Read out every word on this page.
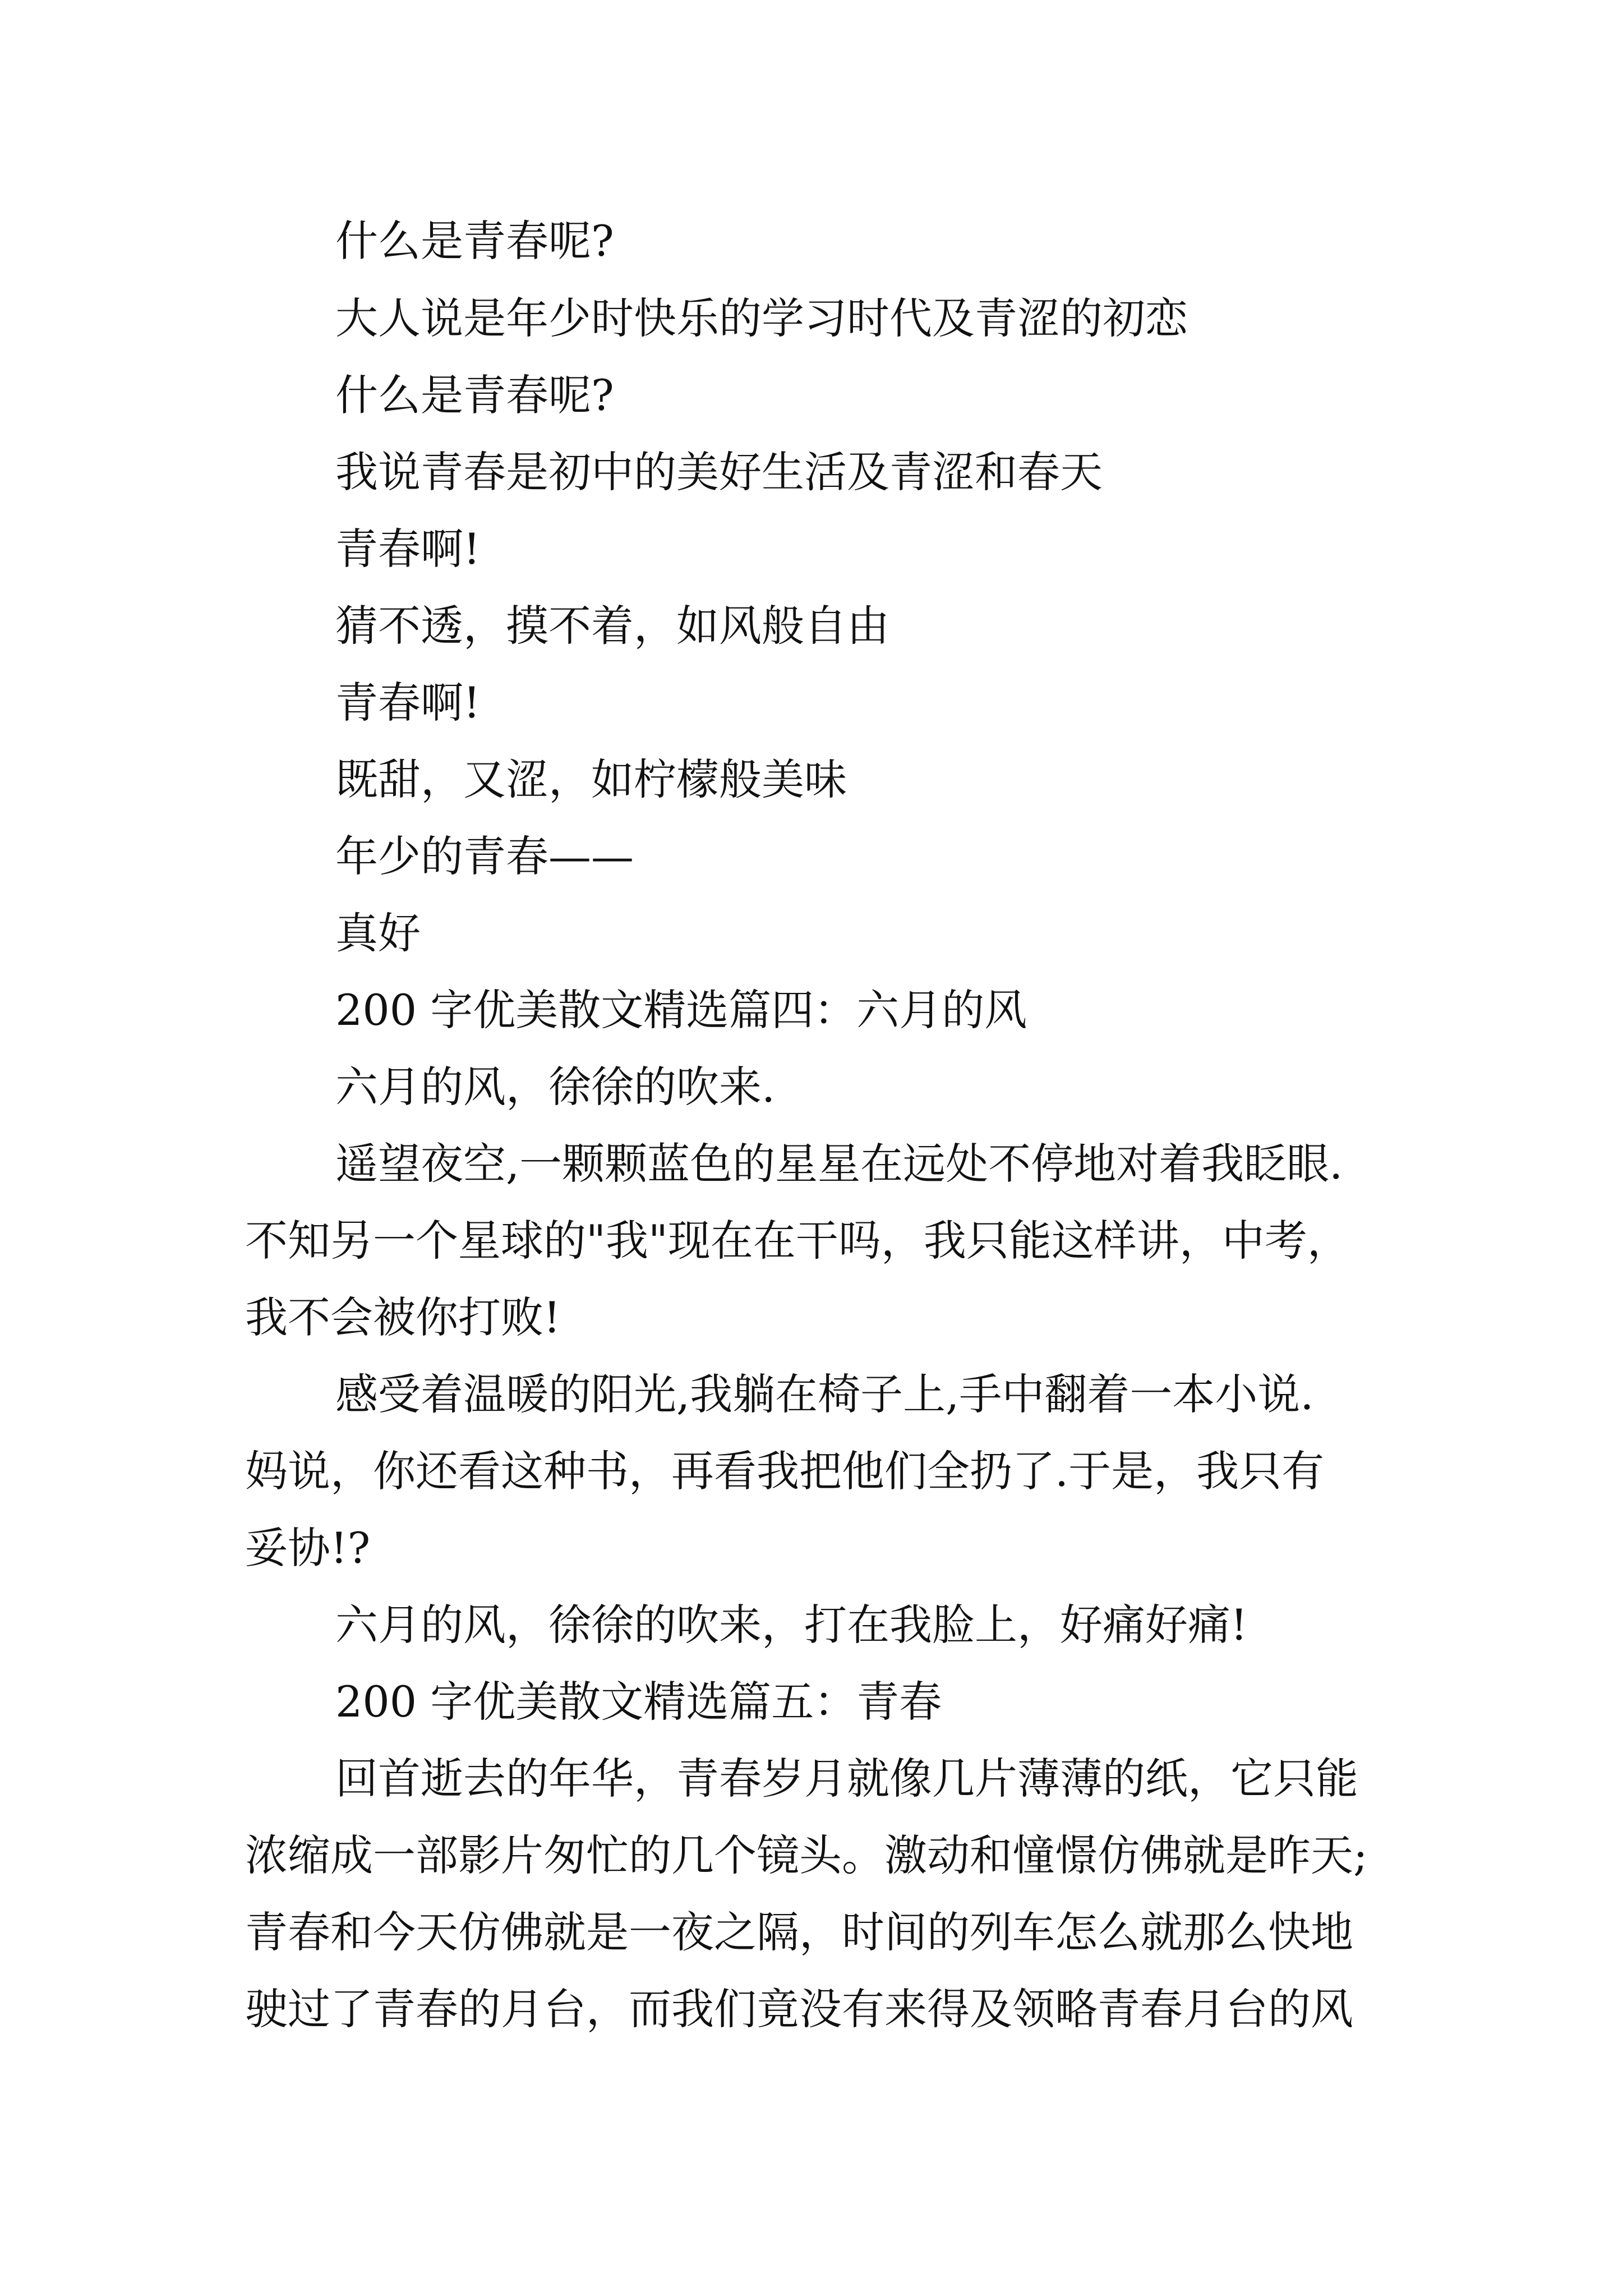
什么是青春呢?
大人说是年少时快乐的学习时代及青涩的初恋
什么是青春呢?
我说青春是初中的美好生活及青涩和春天
青春啊!
猜不透，摸不着，如风般自由
青春啊!
既甜，又涩，如柠檬般美味
年少的青春——
真好
200 字优美散文精选篇四：六月的风
六月的风，徐徐的吹来.
遥望夜空,一颗颗蓝色的星星在远处不停地对着我眨眼.
不知另一个星球的"我"现在在干吗，我只能这样讲，中考，
我不会被你打败!
感受着温暖的阳光,我躺在椅子上,手中翻着一本小说.
妈说，你还看这种书，再看我把他们全扔了.于是，我只有
妥协!?
六月的风，徐徐的吹来，打在我脸上，好痛好痛!
200 字优美散文精选篇五：青春
回首逝去的年华，青春岁月就像几片薄薄的纸，它只能
浓缩成一部影片匆忙的几个镜头。激动和憧憬仿佛就是昨天;
青春和今天仿佛就是一夜之隔，时间的列车怎么就那么快地
驶过了青春的月台，而我们竟没有来得及领略青春月台的风
